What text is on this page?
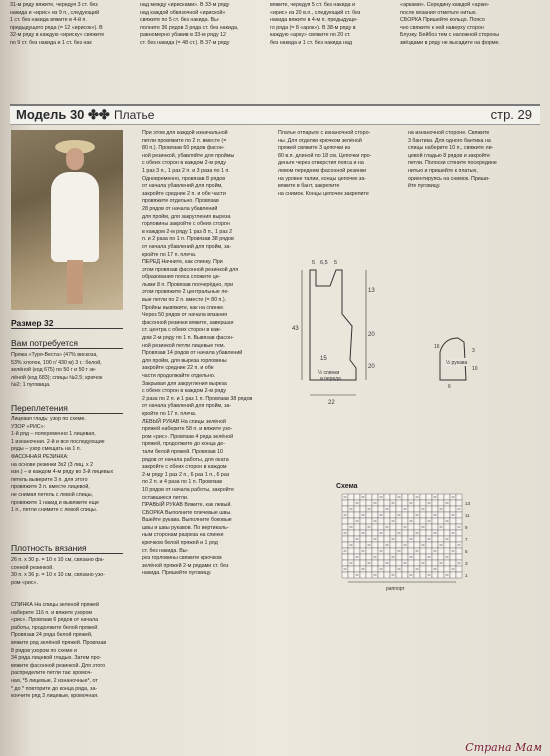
31-м ряду вяжите, чередуя 3 ст. без
накида и «ирис» из 9 п., следующий
1 ст. без накида вяжите в 4-й п.
предыдущего ряда (= 12 «ирисок»). В
32-м ряду в каждую «ириску» свяжите
по 9 ст. без накида и 1 ст. без нак
над между «ирисками». В 33-м ряду
над каждой обвязочной «ириской»
свяжите по 5 ст. без накида. Вы-
полните 36 рядов 3 ряда ст. без накида,
равномерно убавив в 33-м ряду 12
ст. без накида (= 48 ст.). В 37-м ряду
вяжите, чередуя 5 ст. без накида и
«ирис» из 20 в.п., следующий ст. без
накида вяжите в 4-м п. предыдуще-
го ряда (= 8 «арок»). В 38-м ряду в
каждую «арку» свяжите по 20 ст.
без накида и 1 ст. без накида над
«арками». Середину каждой «арки»
после вязания отметьте нитью.
СБОРКА Пришейте кольцо. Поясо
чно свяжите к ней наверху сторон
Блузку. Бейбоз тем с наложной стороны
звёздами в ряду не высадите на форме.
Модель 30 ✤✤ Платье	стр. 29
Размер 32
Вам потребуется
Пряжа «Туря-Веста» (47% вискоза,
53% хлопок, 100 г/ 430 м) 3 г.: белой,
зелёной (код 675) по 50 г и 50 г зе-
лёной (код 683); спицы №2,5; крючок
№2; 1 пуговица.
Переплетения
Лицевая гладь: узор по схеме.
УЗОР «РИС»:
1-й ряд – попеременно 1 лицевая,
1 изнаночная. 2-й и все последующие
ряды – узор смещать на 1 п.
ФАСОННАЯ РЕЗИНКА:
на основе резинки 3х2 (3 лиц. х 2
изн.) – в каждом 4-м ряду во 3-й лицевых
петель выверите 3 п. для этого
провяжите 3 п. вместе лицевой,
не снимая петель с левой спицы,
провяжите 1 накид и вывяжите еще
1 п., петли снимите с левой спицы.
Плотность вязания
26 п. х 30 р. = 10 х 10 см, связано фа-
сонной резинкой.
30 п. х 36 р. = 10 х 10 см, связано узо-
ром «рис».
СПИНКА На спицы зеленой пряжей
наберите 116 п. и вяжите узором
«рис». Провязав 6 рядов от начала
работы, продолжите белой пряжей.
Провязав 24 ряда белой пряжей,
вяжите ряд зелёной пряжей. Провязав
8 рядов узором по схеме и
34 ряда лицевой гладью. Затем про-
вяжите фасонной резинкой. Для этого
распределите петли так: кромоч-
ная, *5 лицевые, 2 изнаночные*, от
* до * повторите до конца ряда, за-
кончите ряд 3 лицевые, кромочная.
При этом для каждой изначальной
петли провяжите по 2 п. вместе (=
80 п.). Провязав 60 рядов фасон-
ной резинкой, убавляйте для проймы
с обеих сторон в каждом 2-м ряду
1 раз 3 п., 1 раз 2 п. и 3 раза по 1 п.
Одновременно, провязав 8 рядов
от начала убавлений для пройм,
закройте средние 2 п. и обе части
провяжите отдельно. Провязав
28 рядов от начала убавлений
для пройм, для закругления выреза
горловины закройте с обеих сторон
в каждом 2-м ряду 1 раз 8 п., 1 раз 2
п. и 2 раза по 1 п. Провязав 38 рядов
от начала убавлений для пройм, за-
кройте по 17 п. плеча.
ПЕРЕД Начните, как спинку. При
этом провязав фасонной резинкой для
образования пояса сложите це-
лыми 8 п. Провязав поочерёдно, при
этом провяжите 2 центральные ле-
вые петли по 2 п. вместе (= 80 п.).
Пройны вывяжите, как на спинке.
Через 50 рядов от начала вязания
фасонной резинки вяжите, завершая
ст. центра с обеих сторон в каж-
дом 2-м ряду по 1 п. Вывязав фасон-
ной резинкой петли лицевые тем.
Провязав 14 рядов от начала убавлений
для пройм, для выреза горловины
закройте средние 22 п. и обе
части продолжайте отдельно.
Закрывая для закругления выреза
с обеих сторон в каждом 2-м ряду
2 раза по 2 п. и 1 раз 1 п. Провязав 38 рядов
от начала убавлений для пройм, за-
кройте по 17 п. плеча.
ЛЕВЫЙ РУКАВ На спицы зелёной
пряжей наберите 58 п. и вяжите узо-
ром «рис». Провязав 4 ряда зелёной
пряжей, продолжите до конца де-
тали белой пряжей. Провязав 10
рядов от начала работы, для оката
закройте с обеих сторон в каждом
2-м ряду 1 раз 2 п., 6 раз 1 п., 6 раз
по 2 п. и 4 раза по 1 п. Провязав
10 рядов от начала работы, закройте
оставшиеся петли.
ПРАВЫЙ РУКАВ Вяжите, как левый.
СБОРКА Выполните плечевые швы.
Вшейте рукава. Выполните боковые
швы и швы рукавов. По вертикаль-
ным сторонам разреза на спинке
крючком белой пряжей и 1 ряд
ст. без накида. Вы-
рез горловины свяжите крючком
зелёной пряжей 2-м рядами ст. без
накида. Пришейте пуговицу.
Платье отпарьте с изнаночной сторо-
ны. Для отделки крючком зелёной
пряжей свяжите 3 цепочки из
80 в.п. длиной по 18 см. Цепочки про-
деньте через отверстия пояса и на
левом переднем фасонной резинки
на уровне талии, концы цепочек за-
вяжите в бант, закрепите
на снимок. Концы цепочек закрепите
на изнаночной стороне. Свяжите
3 бантика. Для одного бантика на
спицы наберите 10 п., свяжите ли-
цевой гладью 8 рядов и закройте
петли. Полоски стяните посередине
нитью и пришейте к платью,
ориентируясь на снимок. Приши-
йте пуговицу.
5 6,5 5
13
20
43
15
20
22
½ спинки и переда
½ рукава
16
3
10
6
Схема
1
3
5
7
9
11
13
раппорт
Страна Мам
